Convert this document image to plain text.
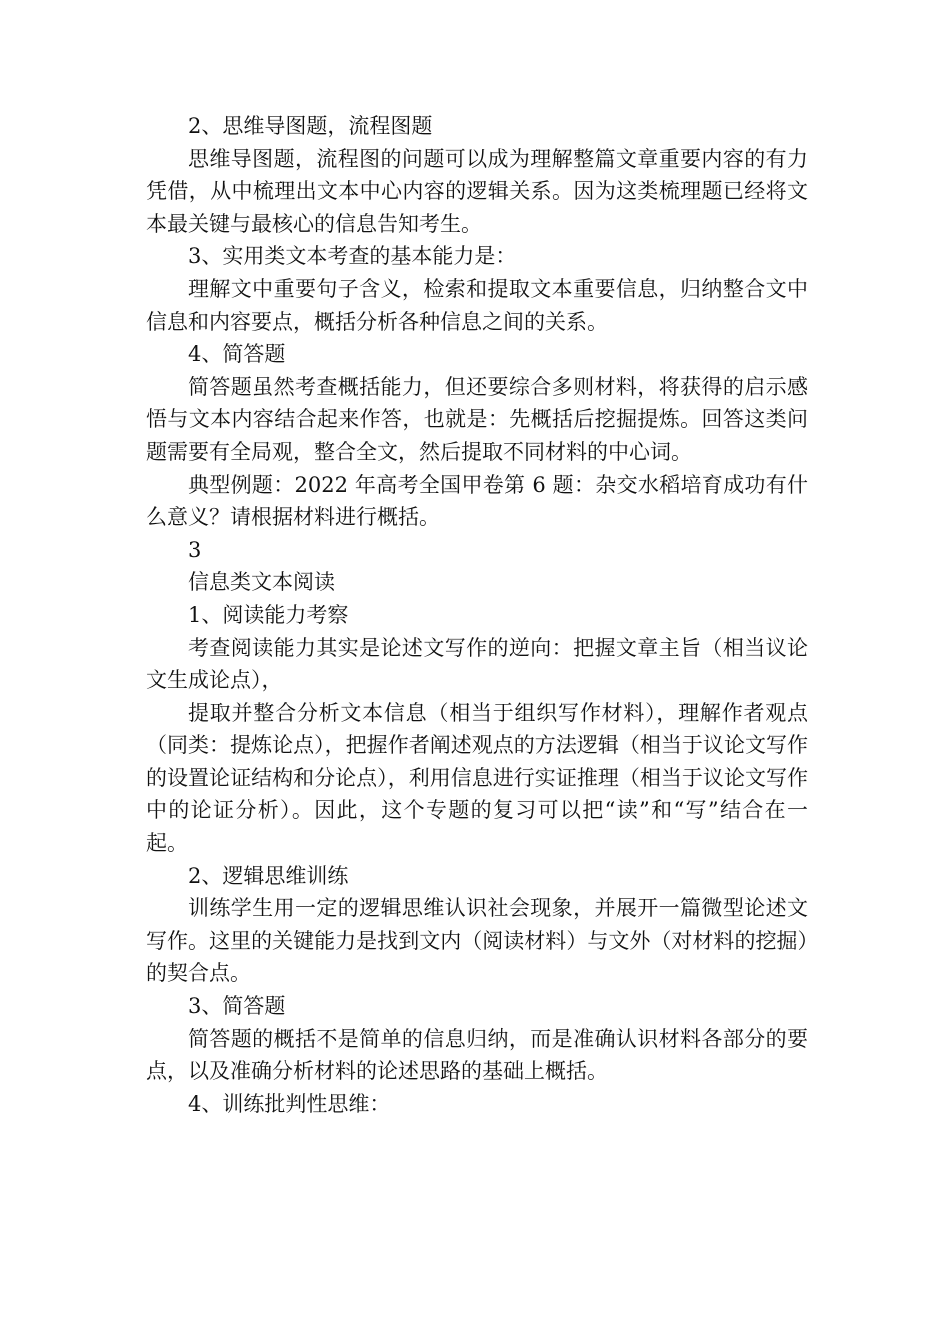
2、思维导图题，流程图题

思维导图题，流程图的问题可以成为理解整篇文章重要内容的有力凭借，从中梳理出文本中心内容的逻辑关系。因为这类梳理题已经将文本最关键与最核心的信息告知考生。

3、实用类文本考查的基本能力是：

理解文中重要句子含义，检索和提取文本重要信息，归纳整合文中信息和内容要点，概括分析各种信息之间的关系。

4、简答题

简答题虽然考查概括能力，但还要综合多则材料，将获得的启示感悟与文本内容结合起来作答，也就是：先概括后挖掘提炼。回答这类问题需要有全局观，整合全文，然后提取不同材料的中心词。

典型例题：2022 年高考全国甲卷第 6 题：杂交水稻培育成功有什么意义？请根据材料进行概括。

3

信息类文本阅读

1、阅读能力考察

考查阅读能力其实是论述文写作的逆向：把握文章主旨（相当议论文生成论点），

提取并整合分析文本信息（相当于组织写作材料），理解作者观点（同类：提炼论点），把握作者阐述观点的方法逻辑（相当于议论文写作的设置论证结构和分论点），利用信息进行实证推理（相当于议论文写作中的论证分析）。因此，这个专题的复习可以把“读”和“写”结合在一起。

2、逻辑思维训练

训练学生用一定的逻辑思维认识社会现象，并展开一篇微型论述文写作。这里的关键能力是找到文内（阅读材料）与文外（对材料的挖掘）的契合点。

3、简答题

简答题的概括不是简单的信息归纳，而是准确认识材料各部分的要点，以及准确分析材料的论述思路的基础上概括。

4、训练批判性思维：
